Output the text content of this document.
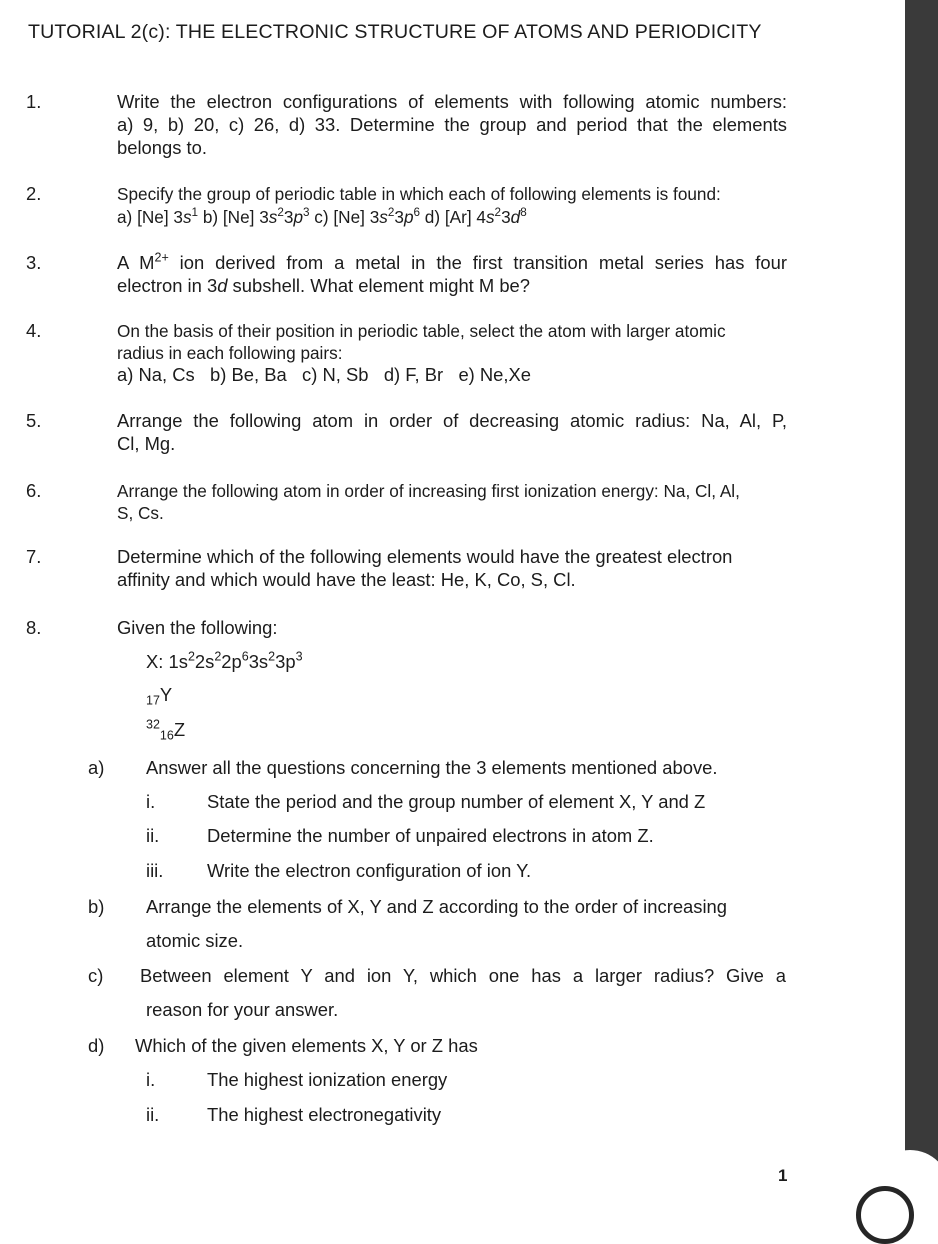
TUTORIAL 2(c): THE ELECTRONIC STRUCTURE OF ATOMS AND PERIODICITY
1.	Write the electron configurations of elements with following atomic numbers:
a) 9, b) 20, c) 26, d) 33. Determine the group and period that the elements
belongs to.
2.	Specify the group of periodic table in which each of following elements is found:
a) [Ne] $3s^1$ b) [Ne] $3s^23p^3$ c) [Ne] $3s^23p^6$ d) [Ar] $4s^23d^8$
3.	A $M^{2+}$ ion derived from a metal in the first transition metal series has four
electron in 3d subshell. What element might M be?
4.	On the basis of their position in periodic table, select the atom with larger atomic
radius in each following pairs:
a) Na, Cs b) Be, Ba c) N, Sb d) F, Br e) Ne,Xe
5.	Arrange the following atom in order of decreasing atomic radius: Na, Al, P,
Cl, Mg.
6.	Arrange the following atom in order of increasing first ionization energy: Na, Cl, Al,
S, Cs.
7.	Determine which of the following elements would have the greatest electron
affinity and which would have the least: He, K, Co, S, Cl.
8.	Given the following:
X: $1s^22s^22p^63s^23p^3$
$_{17}$Y
$^{32}_{16}$Z
a) Answer all the questions concerning the 3 elements mentioned above.
i.	State the period and the group number of element X, Y and Z
ii.	Determine the number of unpaired electrons in atom Z.
iii. Write the electron configuration of ion Y.
b) Arrange the elements of X, Y and Z according to the order of increasing
atomic size.
c) Between element Y and ion Y, which one has a larger radius? Give a
reason for your answer.
d) Which of the given elements X, Y or Z has
i.	The highest ionization energy
ii.	The highest electronegativity
1
